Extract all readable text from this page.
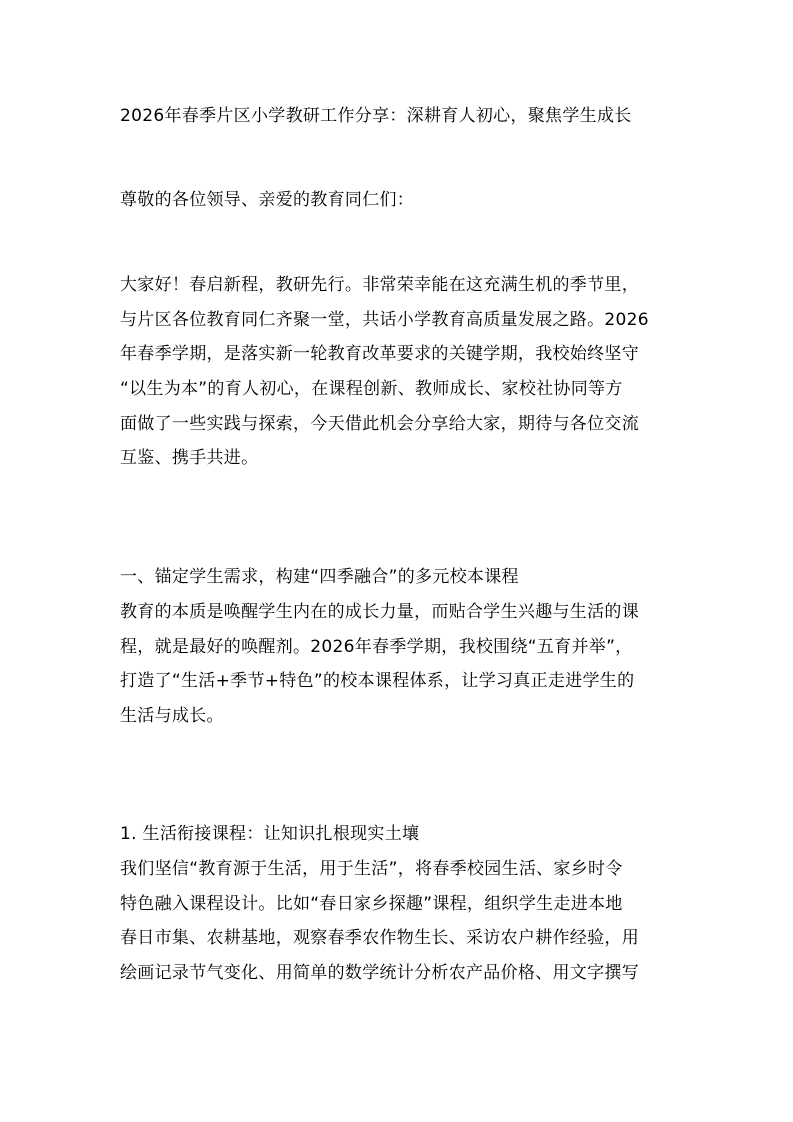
2026年春季片区小学教研工作分享：深耕育人初心，聚焦学生成长
尊敬的各位领导、亲爱的教育同仁们：
大家好！春启新程，教研先行。非常荣幸能在这充满生机的季节里，
与片区各位教育同仁齐聚一堂，共话小学教育高质量发展之路。2026
年春季学期，是落实新一轮教育改革要求的关键学期，我校始终坚守
“以生为本”的育人初心，在课程创新、教师成长、家校社协同等方
面做了一些实践与探索，今天借此机会分享给大家，期待与各位交流
互鉴、携手共进。
一、锚定学生需求，构建“四季融合”的多元校本课程
教育的本质是唤醒学生内在的成长力量，而贴合学生兴趣与生活的课
程，就是最好的唤醒剂。2026年春季学期，我校围绕“五育并举”，
打造了“生活+季节+特色”的校本课程体系，让学习真正走进学生的
生活与成长。
1. 生活衔接课程：让知识扎根现实土壤
我们坚信“教育源于生活，用于生活”，将春季校园生活、家乡时令
特色融入课程设计。比如“春日家乡探趣”课程，组织学生走进本地
春日市集、农耕基地，观察春季农作物生长、采访农户耕作经验，用
绘画记录节气变化、用简单的数学统计分析农产品价格、用文字撰写
